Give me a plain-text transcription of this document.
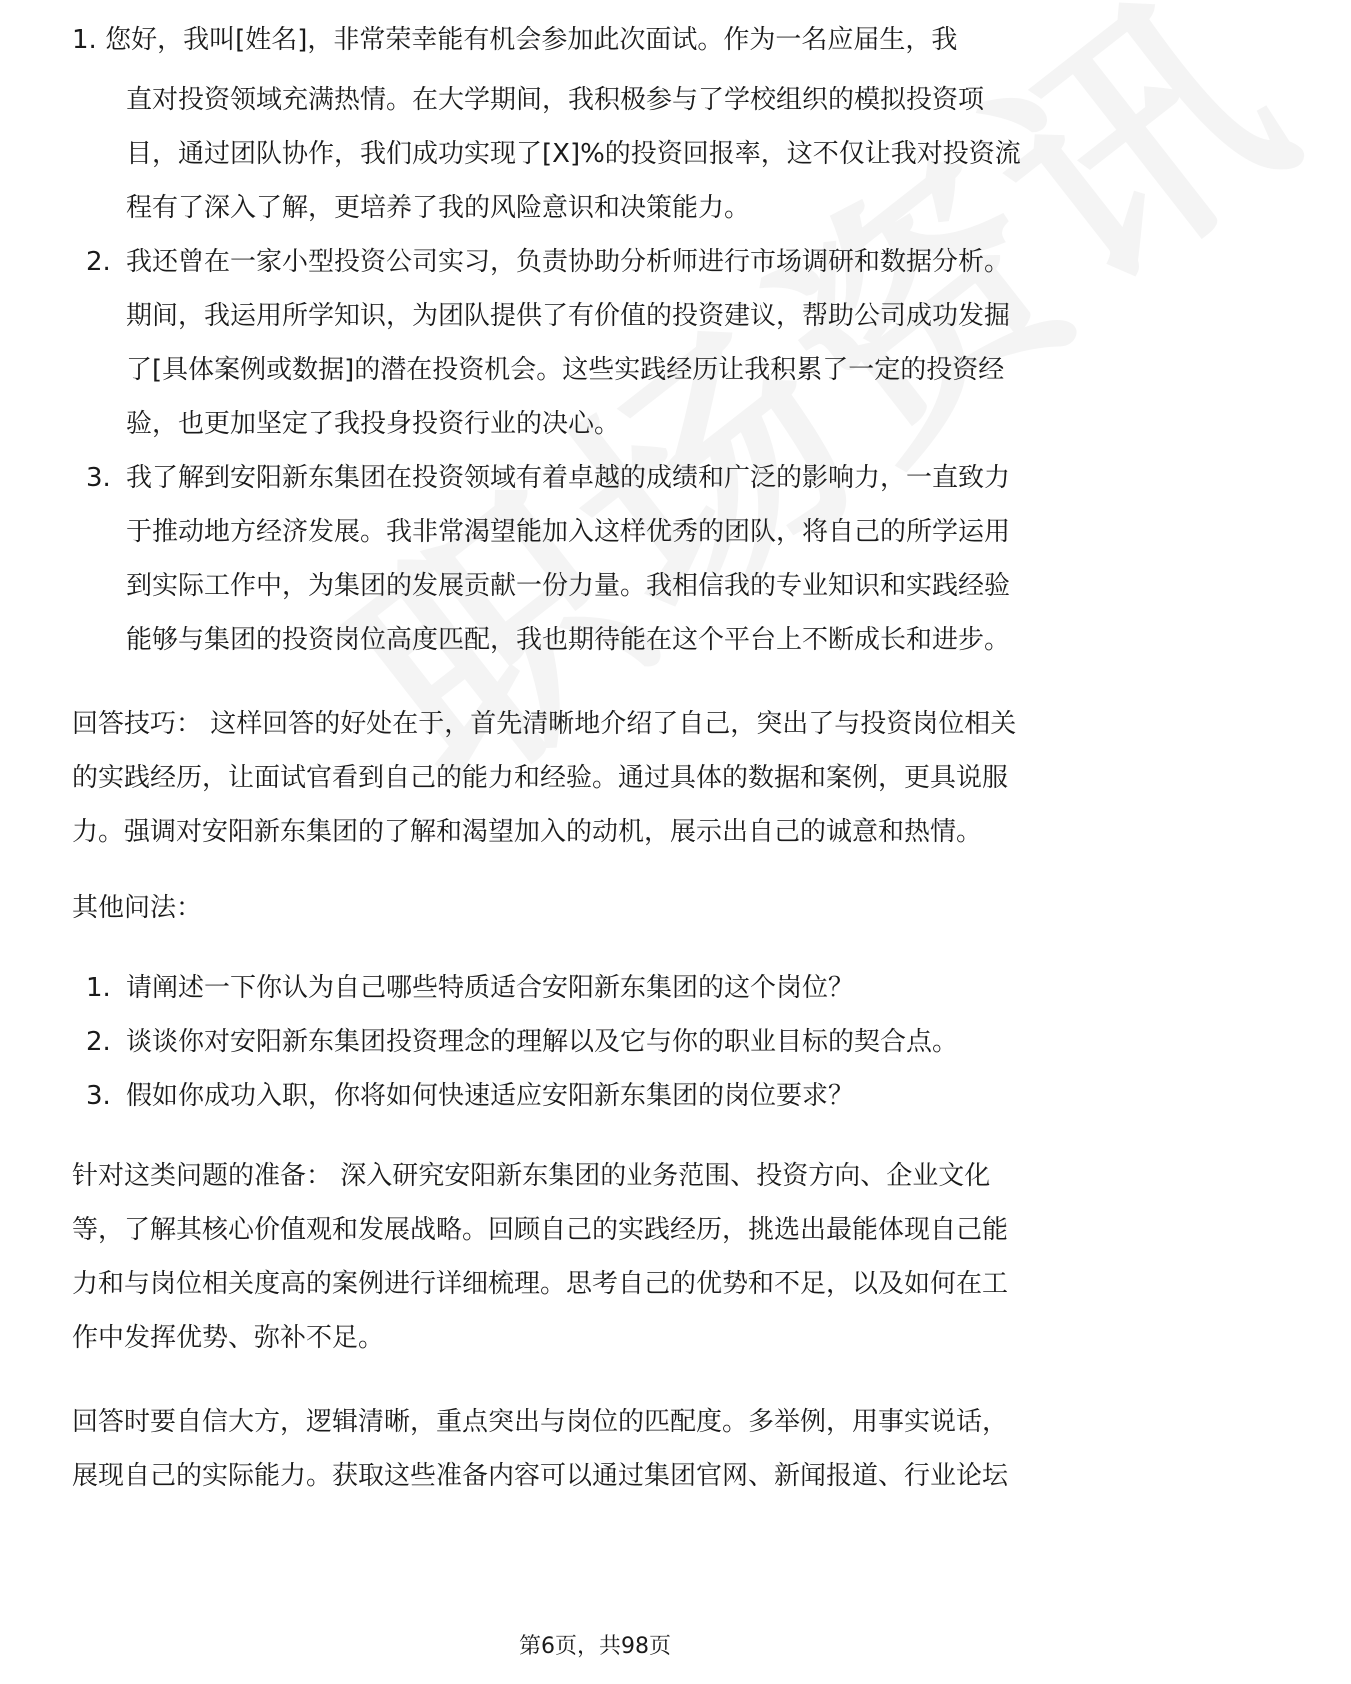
1. 您好，我叫[姓名]，非常荣幸能有机会参加此次面试。作为一名应届生，我
直对投资领域充满热情。在大学期间，我积极参与了学校组织的模拟投资项
目，通过团队协作，我们成功实现了[X]%的投资回报率，这不仅让我对投资流
程有了深入了解，更培养了我的风险意识和决策能力。
2. 我还曾在一家小型投资公司实习，负责协助分析师进行市场调研和数据分析。
期间，我运用所学知识，为团队提供了有价值的投资建议，帮助公司成功发掘
了[具体案例或数据]的潜在投资机会。这些实践经历让我积累了一定的投资经
验，也更加坚定了我投身投资行业的决心。
3. 我了解到安阳新东集团在投资领域有着卓越的成绩和广泛的影响力，一直致力
于推动地方经济发展。我非常渴望能加入这样优秀的团队，将自己的所学运用
到实际工作中，为集团的发展贡献一份力量。我相信我的专业知识和实践经验
能够与集团的投资岗位高度匹配，我也期待能在这个平台上不断成长和进步。
回答技巧： 这样回答的好处在于，首先清晰地介绍了自己，突出了与投资岗位相关
的实践经历，让面试官看到自己的能力和经验。通过具体的数据和案例，更具说服
力。强调对安阳新东集团的了解和渴望加入的动机，展示出自己的诚意和热情。
其他问法：
1. 请阐述一下你认为自己哪些特质适合安阳新东集团的这个岗位？
2. 谈谈你对安阳新东集团投资理念的理解以及它与你的职业目标的契合点。
3. 假如你成功入职，你将如何快速适应安阳新东集团的岗位要求？
针对这类问题的准备： 深入研究安阳新东集团的业务范围、投资方向、企业文化
等，了解其核心价值观和发展战略。回顾自己的实践经历，挑选出最能体现自己能
力和与岗位相关度高的案例进行详细梳理。思考自己的优势和不足，以及如何在工
作中发挥优势、弥补不足。
回答时要自信大方，逻辑清晰，重点突出与岗位的匹配度。多举例，用事实说话，
展现自己的实际能力。获取这些准备内容可以通过集团官网、新闻报道、行业论坛
第6页，共98页
